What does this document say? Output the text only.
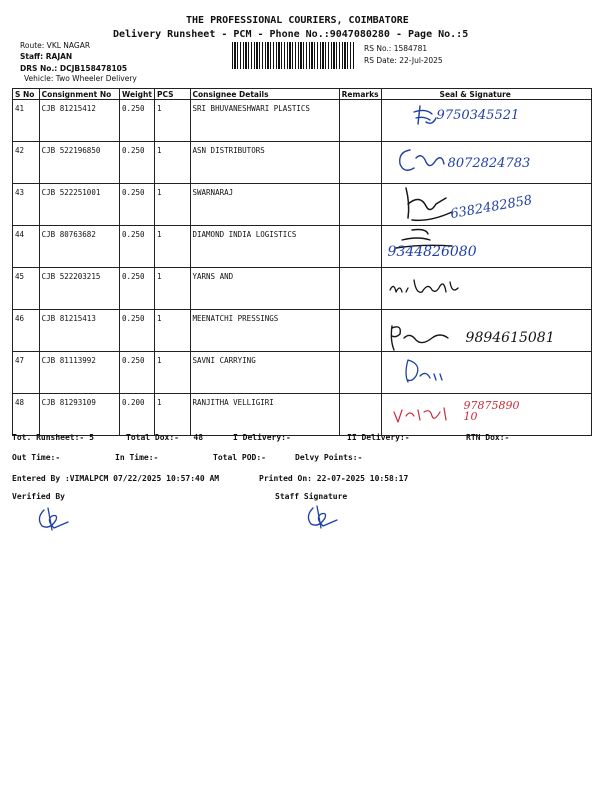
THE PROFESSIONAL COURIERS, COIMBATORE
Delivery Runsheet - PCM - Phone No.:9047080280 - Page No.:5
Route: VKL NAGAR
Staff: RAJAN
DRS No.: DCJB158478105
Vehicle: Two Wheeler Delivery
RS No.: 1584781
RS Date: 22-Jul-2025
S No	Consignment No	Weight	PCS	Consignee Details	Remarks	Seal & Signature
41	CJB 81215412	0.250	1	SRI BHUVANESHWARI PLASTICS		9750345521

42	CJB 522196850	0.250	1	ASN DISTRIBUTORS		8072824783

43	CJB 522251001	0.250	1	SWARNARAJ		6382482858

44	CJB 80763682	0.250	1	DIAMOND INDIA LOGISTICS		9344826080

45	CJB 522203215	0.250	1	YARNS AND		

46	CJB 81215413	0.250	1	MEENATCHI PRESSINGS		9894615081

47	CJB 81113992	0.250	1	SAVNI CARRYING		

48	CJB 81293109	0.200	1	RANJITHA VELLIGIRI		9787589010
Tot. Runsheet:- 5	Total Dox:-   48	I Delivery:-	II Delivery:-	RTN Dox:-
Out Time:-	In Time:-	Total POD:-	Delvy Points:-
Entered By :VIMALPCM 07/22/2025 10:57:40 AM	Printed On: 22-07-2025 10:58:17
Verified By	Staff Signature
